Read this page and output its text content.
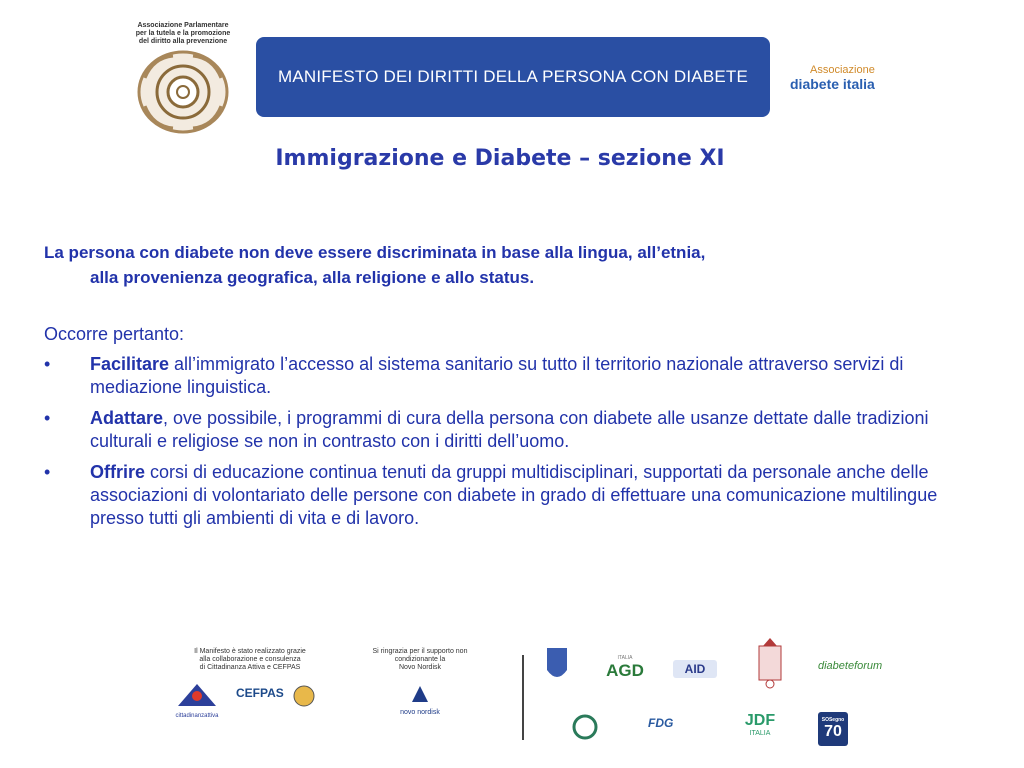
Associazione Parlamentare
per la tutela e la promozione
del diritto alla prevenzione
MANIFESTO DEI DIRITTI DELLA PERSONA CON DIABETE	Associazione
diabete italia
Immigrazione e Diabete – sezione XI
La persona con diabete non deve essere discriminata in base alla lingua, all’etnia,
alla provenienza geografica, alla religione e allo status.
Occorre pertanto:
• Facilitare all’immigrato l’accesso al sistema sanitario su tutto il territorio nazionale attraverso servizi di mediazione linguistica.
• Adattare, ove possibile, i programmi di cura della persona con diabete alle usanze dettate dalle tradizioni culturali e religiose se non in contrasto con i diritti dell’uomo.
• Offrire corsi di educazione continua tenuti da gruppi multidisciplinari, supportati da personale anche delle associazioni di volontariato delle persone con diabete in grado di effettuare una comunicazione multilingue presso tutti gli ambienti di vita e di lavoro.
Il Manifesto è stato realizzato grazie
alla collaborazione e consulenza
di Cittadinanza Attiva e CEFPAS
cittadinanzattiva
CEFPAS
Si ringrazia per il supporto non
condizionante la
Novo Nordisk
novo nordisk
ITALIA
AGD	AID	diabeteforum
FDG	JDF
ITALIA
SOSegno
70
